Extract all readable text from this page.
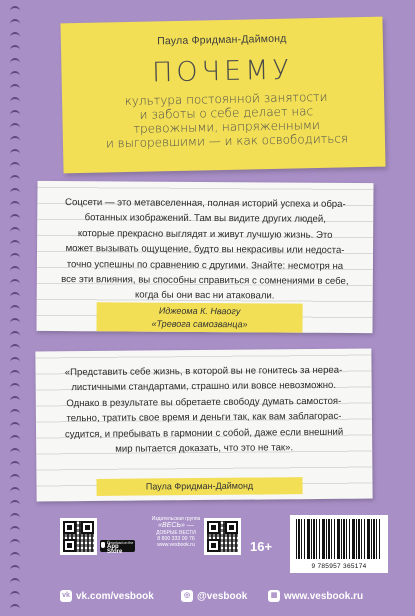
Паула Фридман-Даймонд
ПОЧЕМУ
культура постоянной занятости
и заботы о себе делает нас
тревожными, напряженными
и выгоревшими — и как освободиться
Соцсети — это метавселенная, полная историй успеха и обра-
ботанных изображений. Там вы видите других людей,
которые прекрасно выглядят и живут лучшую жизнь. Это
может вызывать ощущение, будто вы некрасивы или недоста-
точно успешны по сравнению с другими. Знайте: несмотря на
все эти влияния, вы способны справиться с сомнениями в себе,
когда бы они вас ни атаковали.
Иджеома К. Нваогу
«Тревога самозванца»
«Представить себе жизнь, в которой вы не гонитесь за нереа-
листичными стандартами, страшно или вовсе невозможно.
Однако в результате вы обретаете свободу думать самостоя-
тельно, тратить свое время и деньги так, как вам заблагорас-
судится, и пребывать в гармонии с собой, даже если внешний
мир пытается доказать, что это не так».
Паула Фридман-Даймонд
Download on the
App Store
Издательская группа
«ВЕСЬ» —
ДОБРЫЕ ВЕСТИ
8 800 333 00 76
www.vesbook.ru	16+
9 785957 365174
vk vk.com/vesbook	◎ @vesbook	▦ www.vesbook.ru
